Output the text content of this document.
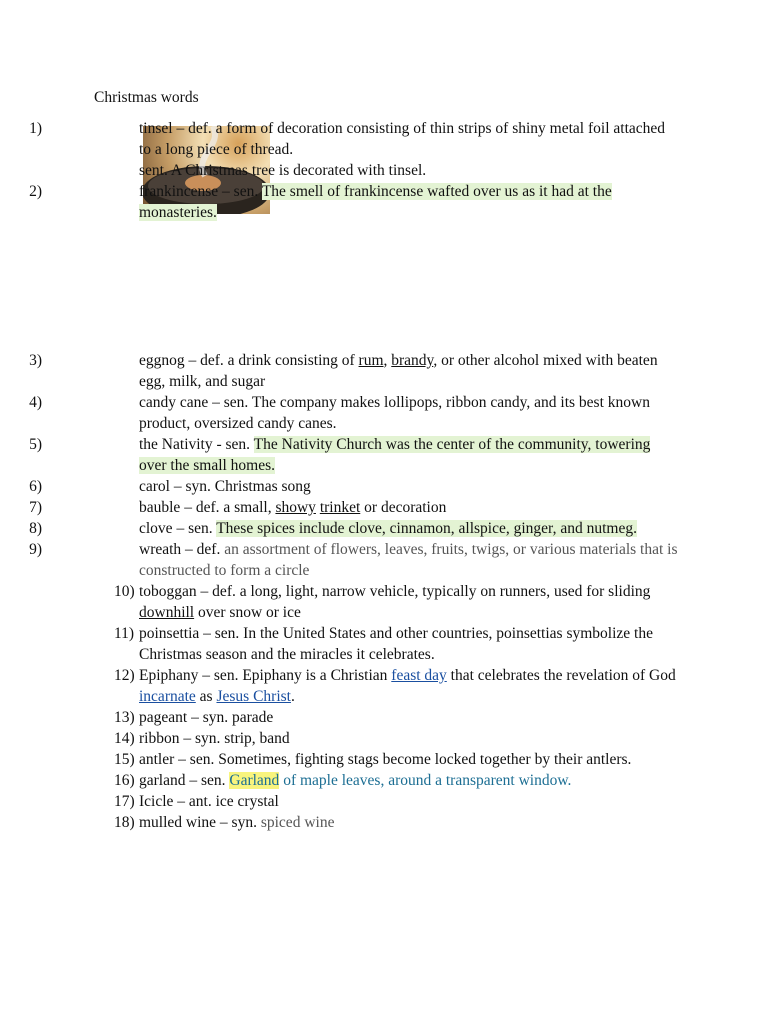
Christmas words
1)	tinsel – def. a form of decoration consisting of thin strips of shiny metal foil attached to a long piece of thread.
sent. A Christmas tree is decorated with tinsel.
2)	frankincense – sen. The smell of frankincense wafted over us as it had at the monasteries.
3)	eggnog – def. a drink consisting of rum, brandy, or other alcohol mixed with beaten egg, milk, and sugar
4)	candy cane – sen. The company makes lollipops, ribbon candy, and its best known product, oversized candy canes.
5)	the Nativity - sen. The Nativity Church was the center of the community, towering over the small homes.
6)	carol – syn. Christmas song
7)	bauble – def. a small, showy trinket or decoration
8)	clove – sen. These spices include clove, cinnamon, allspice, ginger, and nutmeg.
9)	wreath – def. an assortment of flowers, leaves, fruits, twigs, or various materials that is constructed to form a circle
10) toboggan – def. a long, light, narrow vehicle, typically on runners, used for sliding downhill over snow or ice
11) poinsettia – sen. In the United States and other countries, poinsettias symbolize the Christmas season and the miracles it celebrates.
12) Epiphany – sen. Epiphany is a Christian feast day that celebrates the revelation of God incarnate as Jesus Christ.
13) pageant – syn. parade
14) ribbon – syn. strip, band
15) antler – sen. Sometimes, fighting stags become locked together by their antlers.
16) garland – sen. Garland of maple leaves, around a transparent window.
17) Icicle – ant. ice crystal
18) mulled wine – syn. spiced wine
